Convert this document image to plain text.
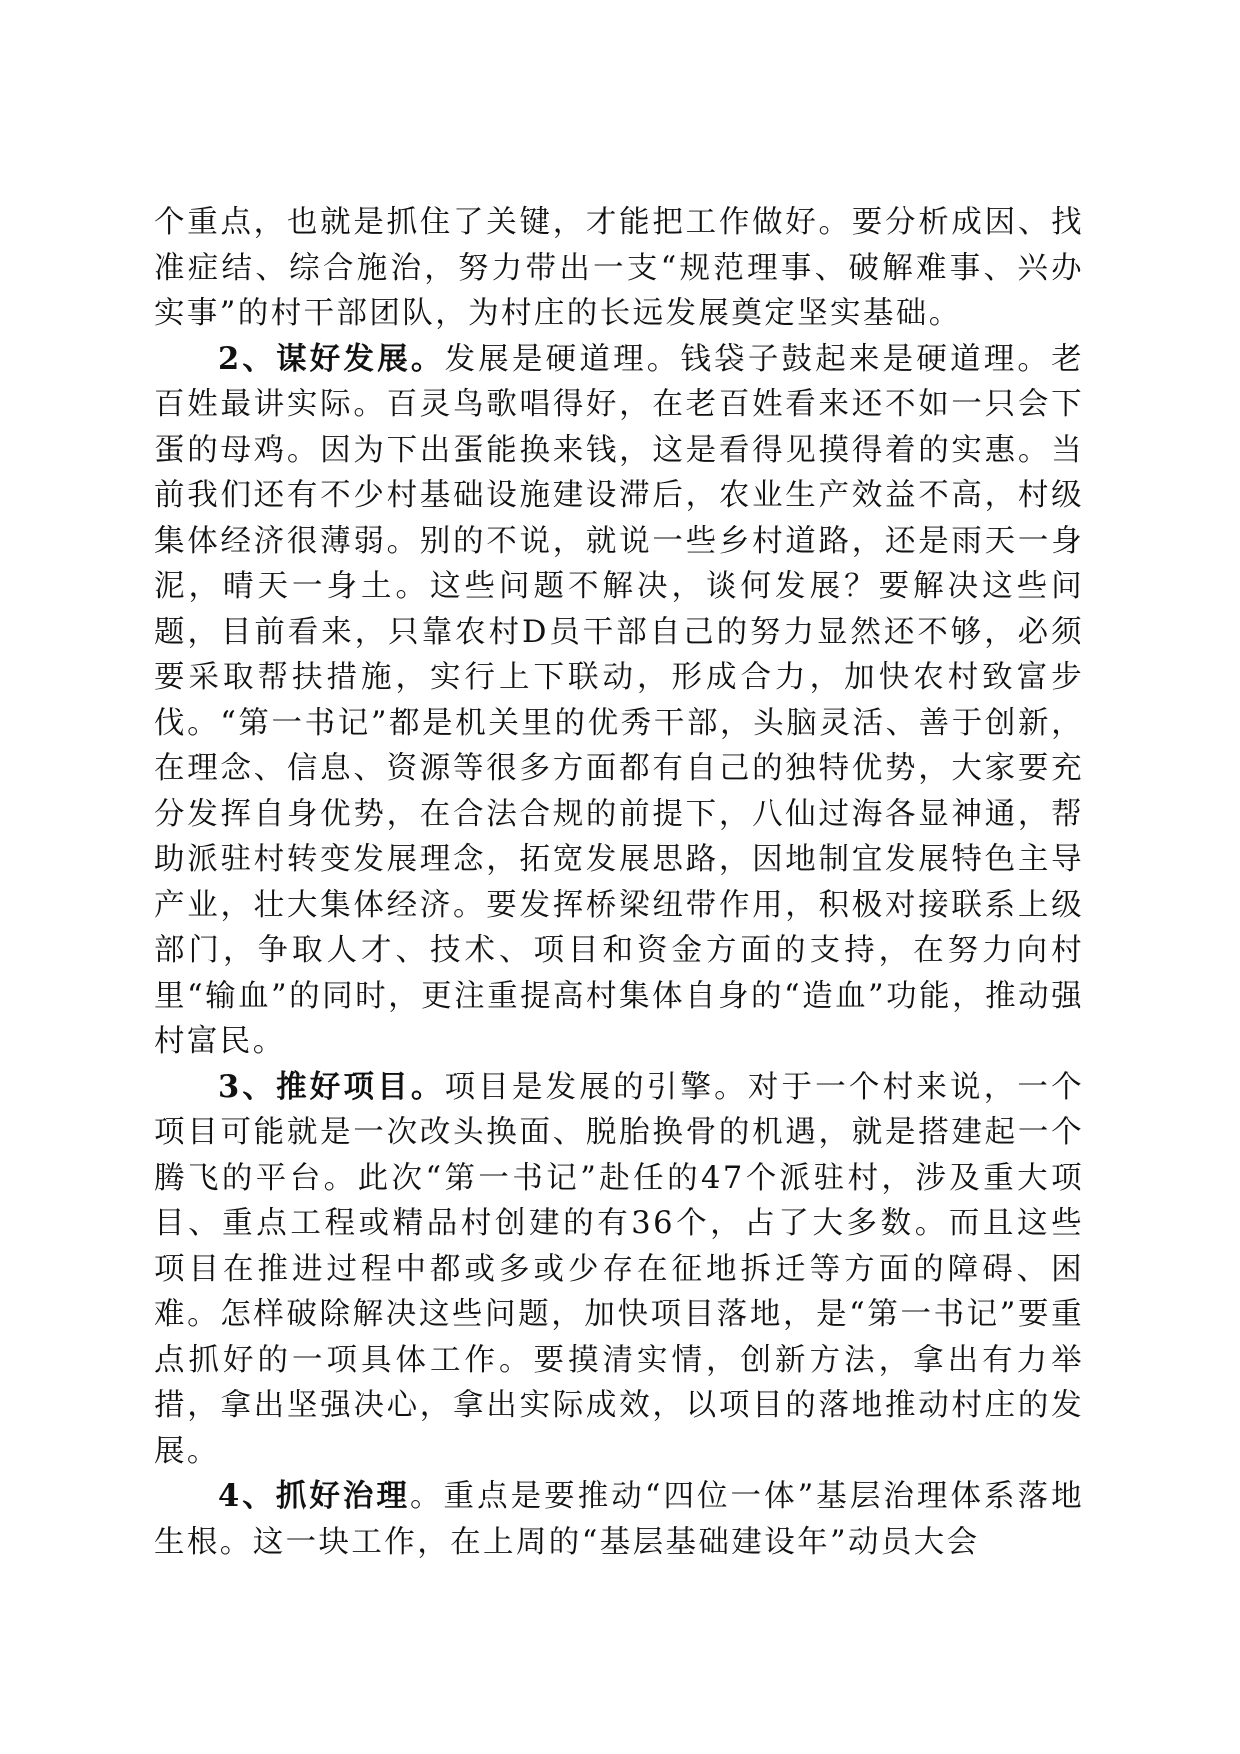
个重点，也就是抓住了关键，才能把工作做好。要分析成因、找准症结、综合施治，努力带出一支“规范理事、破解难事、兴办实事”的村干部团队，为村庄的长远发展奠定坚实基础。

2、谋好发展。发展是硬道理。钱袋子鼓起来是硬道理。老百姓最讲实际。百灵鸟歌唱得好，在老百姓看来还不如一只会下蛋的母鸡。因为下出蛋能换来钱，这是看得见摸得着的实惠。当前我们还有不少村基础设施建设滞后，农业生产效益不高，村级集体经济很薄弱。别的不说，就说一些乡村道路，还是雨天一身泥，晴天一身土。这些问题不解决，谈何发展？要解决这些问题，目前看来，只靠农村D员干部自己的努力显然还不够，必须要采取帮扶措施，实行上下联动，形成合力，加快农村致富步伐。“第一书记”都是机关里的优秀干部，头脑灵活、善于创新，在理念、信息、资源等很多方面都有自己的独特优势，大家要充分发挥自身优势，在合法合规的前提下，八仙过海各显神通，帮助派驻村转变发展理念，拓宽发展思路，因地制宜发展特色主导产业，壮大集体经济。要发挥桥梁纽带作用，积极对接联系上级部门，争取人才、技术、项目和资金方面的支持，在努力向村里“输血”的同时，更注重提高村集体自身的“造血”功能，推动强村富民。

3、推好项目。项目是发展的引擎。对于一个村来说，一个项目可能就是一次改头换面、脱胎换骨的机遇，就是搭建起一个腾飞的平台。此次“第一书记”赴任的47个派驻村，涉及重大项目、重点工程或精品村创建的有36个，占了大多数。而且这些项目在推进过程中都或多或少存在征地拆迁等方面的障碍、困难。怎样破除解决这些问题，加快项目落地，是“第一书记”要重点抓好的一项具体工作。要摸清实情，创新方法，拿出有力举措，拿出坚强决心，拿出实际成效，以项目的落地推动村庄的发展。

4、抓好治理。重点是要推动“四位一体”基层治理体系落地生根。这一块工作，在上周的“基层基础建设年”动员大会
